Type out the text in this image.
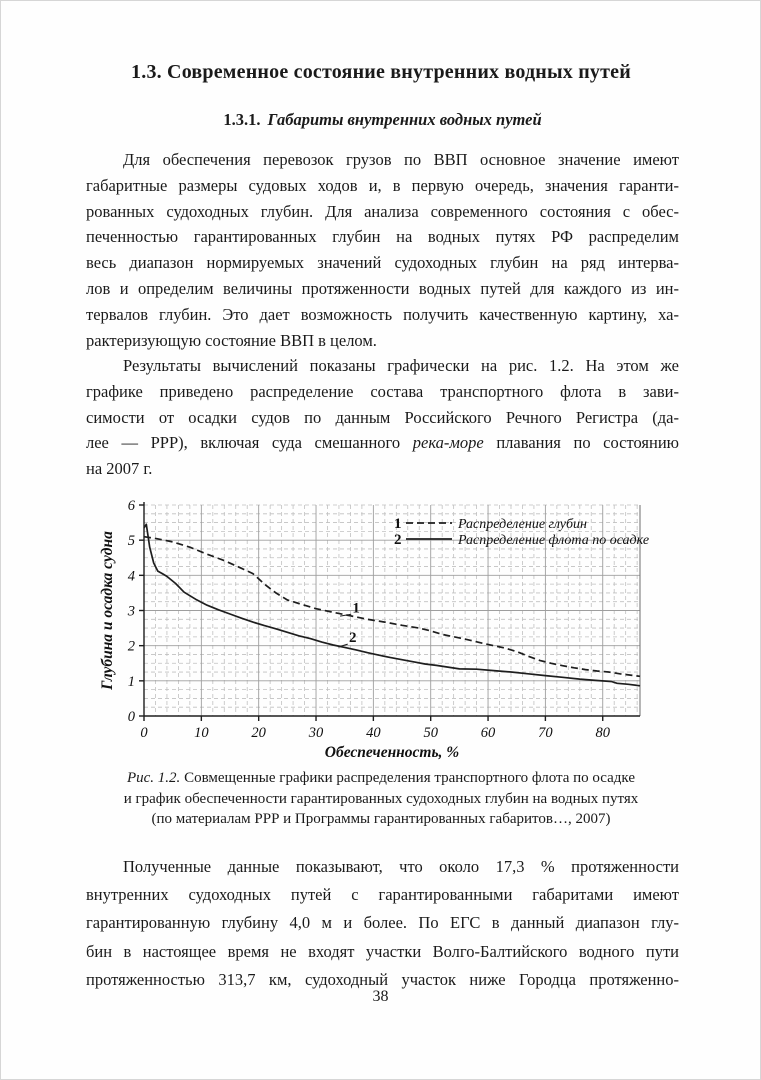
1.3. Современное состояние внутренних водных путей
1.3.1. Габариты внутренних водных путей
Для обеспечения перевозок грузов по ВВП основное значение имеют
габаритные размеры судовых ходов и, в первую очередь, значения гаранти-
рованных судоходных глубин. Для анализа современного состояния с обес-
печенностью гарантированных глубин на водных путях РФ распределим
весь диапазон нормируемых значений судоходных глубин на ряд интерва-
лов и определим величины протяженности водных путей для каждого из ин-
тервалов глубин. Это дает возможность получить качественную картину, ха-
рактеризующую состояние ВВП в целом.
Результаты вычислений показаны графически на рис. 1.2. На этом же
графике приведено распределение состава транспортного флота в зави-
симости от осадки судов по данным Российского Речного Регистра (да-
лее — РРР), включая суда смешанного река-море плавания по состоянию
на 2007 г.
1	Распределение глубин
2	Распределение флота по осадке
0
1
2
3
4
5
6
0	10	20	30	40	50	60	70	80
Обеспеченность, %
Глубина и осадка судна	1
2
Рис. 1.2. Совмещенные графики распределения транспортного флота по осадке
и график обеспеченности гарантированных судоходных глубин на водных путях
(по материалам РРР и Программы гарантированных габаритов…, 2007)
Полученные данные показывают, что около 17,3 % протяженности
внутренних судоходных путей с гарантированными габаритами имеют
гарантированную глубину 4,0 м и более. По ЕГС в данный диапазон глу-
бин в настоящее время не входят участки Волго-Балтийского водного пути
протяженностью 313,7 км, судоходный участок ниже Городца протяженно-
38
